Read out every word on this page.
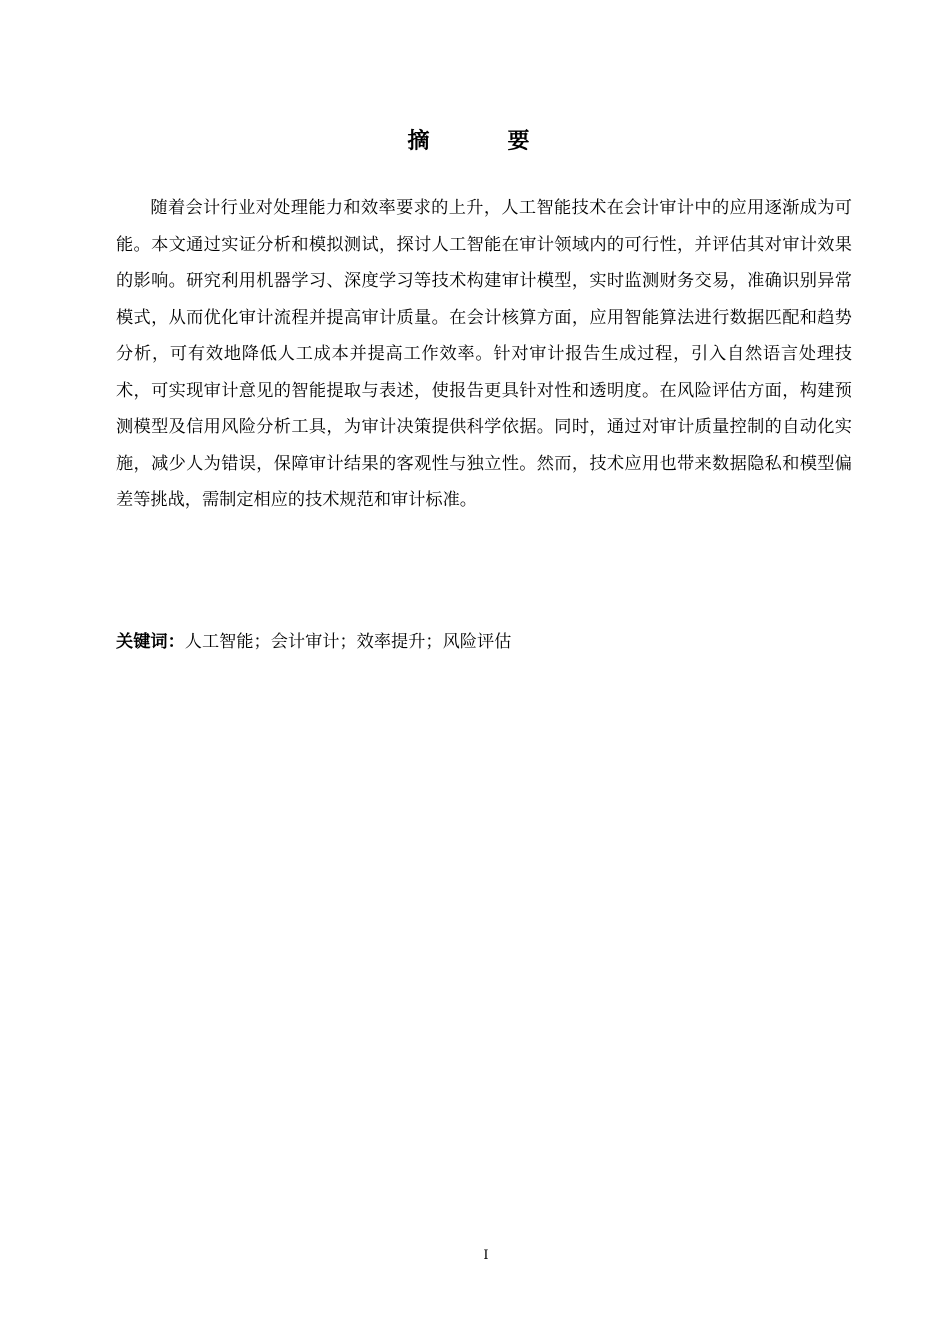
摘　要

随着会计行业对处理能力和效率要求的上升，人工智能技术在会计审计中的应用逐渐成为可能。本文通过实证分析和模拟测试，探讨人工智能在审计领域内的可行性，并评估其对审计效果的影响。研究利用机器学习、深度学习等技术构建审计模型，实时监测财务交易，准确识别异常模式，从而优化审计流程并提高审计质量。在会计核算方面，应用智能算法进行数据匹配和趋势分析，可有效地降低人工成本并提高工作效率。针对审计报告生成过程，引入自然语言处理技术，可实现审计意见的智能提取与表述，使报告更具针对性和透明度。在风险评估方面，构建预测模型及信用风险分析工具，为审计决策提供科学依据。同时，通过对审计质量控制的自动化实施，减少人为错误，保障审计结果的客观性与独立性。然而，技术应用也带来数据隐私和模型偏差等挑战，需制定相应的技术规范和审计标准。

关键词：人工智能；会计审计；效率提升；风险评估

I
